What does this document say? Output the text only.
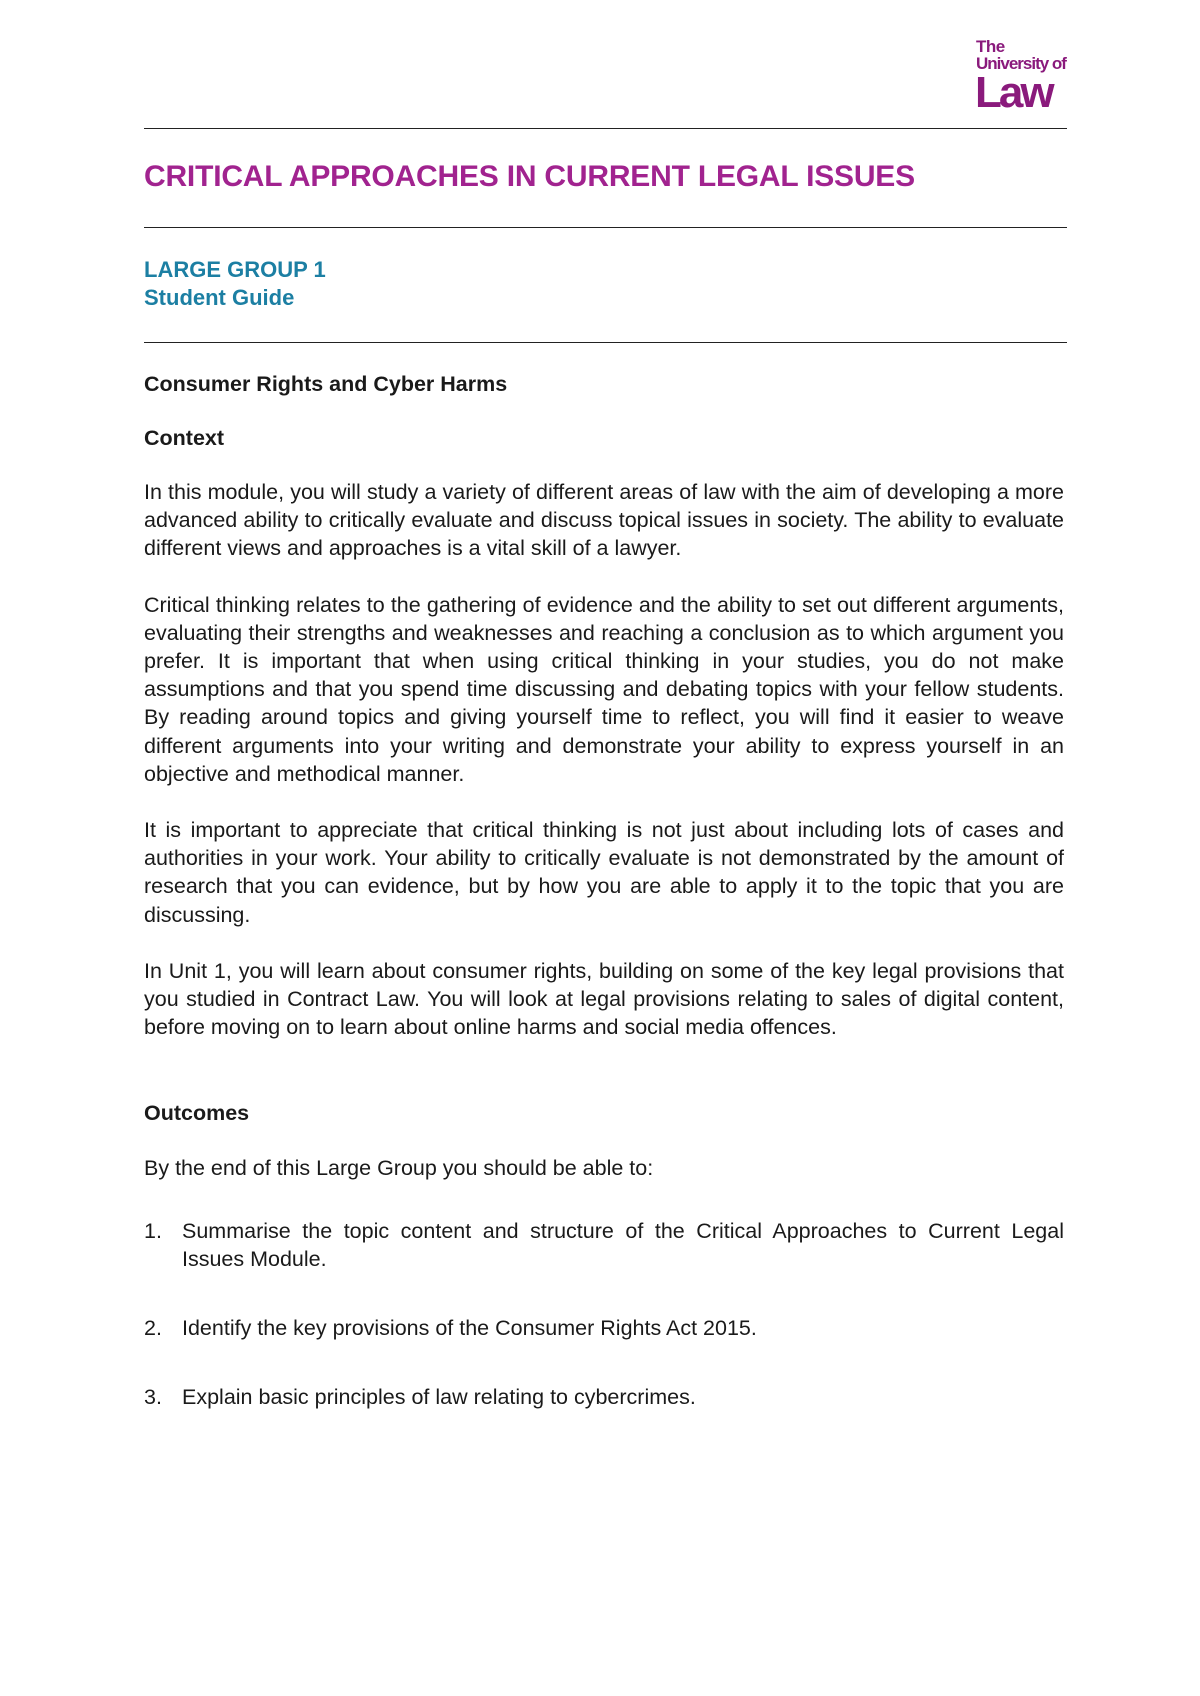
The
University of
Law
CRITICAL APPROACHES IN CURRENT LEGAL ISSUES
LARGE GROUP 1
Student Guide
Consumer Rights and Cyber Harms
Context

In this module, you will study a variety of different areas of law with the aim of developing a more advanced ability to critically evaluate and discuss topical issues in society. The ability to evaluate different views and approaches is a vital skill of a lawyer.

Critical thinking relates to the gathering of evidence and the ability to set out different arguments, evaluating their strengths and weaknesses and reaching a conclusion as to which argument you prefer. It is important that when using critical thinking in your studies, you do not make assumptions and that you spend time discussing and debating topics with your fellow students. By reading around topics and giving yourself time to reflect, you will find it easier to weave different arguments into your writing and demonstrate your ability to express yourself in an objective and methodical manner.

It is important to appreciate that critical thinking is not just about including lots of cases and authorities in your work. Your ability to critically evaluate is not demonstrated by the amount of research that you can evidence, but by how you are able to apply it to the topic that you are discussing.

In Unit 1, you will learn about consumer rights, building on some of the key legal provisions that you studied in Contract Law. You will look at legal provisions relating to sales of digital content, before moving on to learn about online harms and social media offences.

Outcomes

By the end of this Large Group you should be able to:

1. Summarise the topic content and structure of the Critical Approaches to Current Legal Issues Module.
2. Identify the key provisions of the Consumer Rights Act 2015.
3. Explain basic principles of law relating to cybercrimes.
